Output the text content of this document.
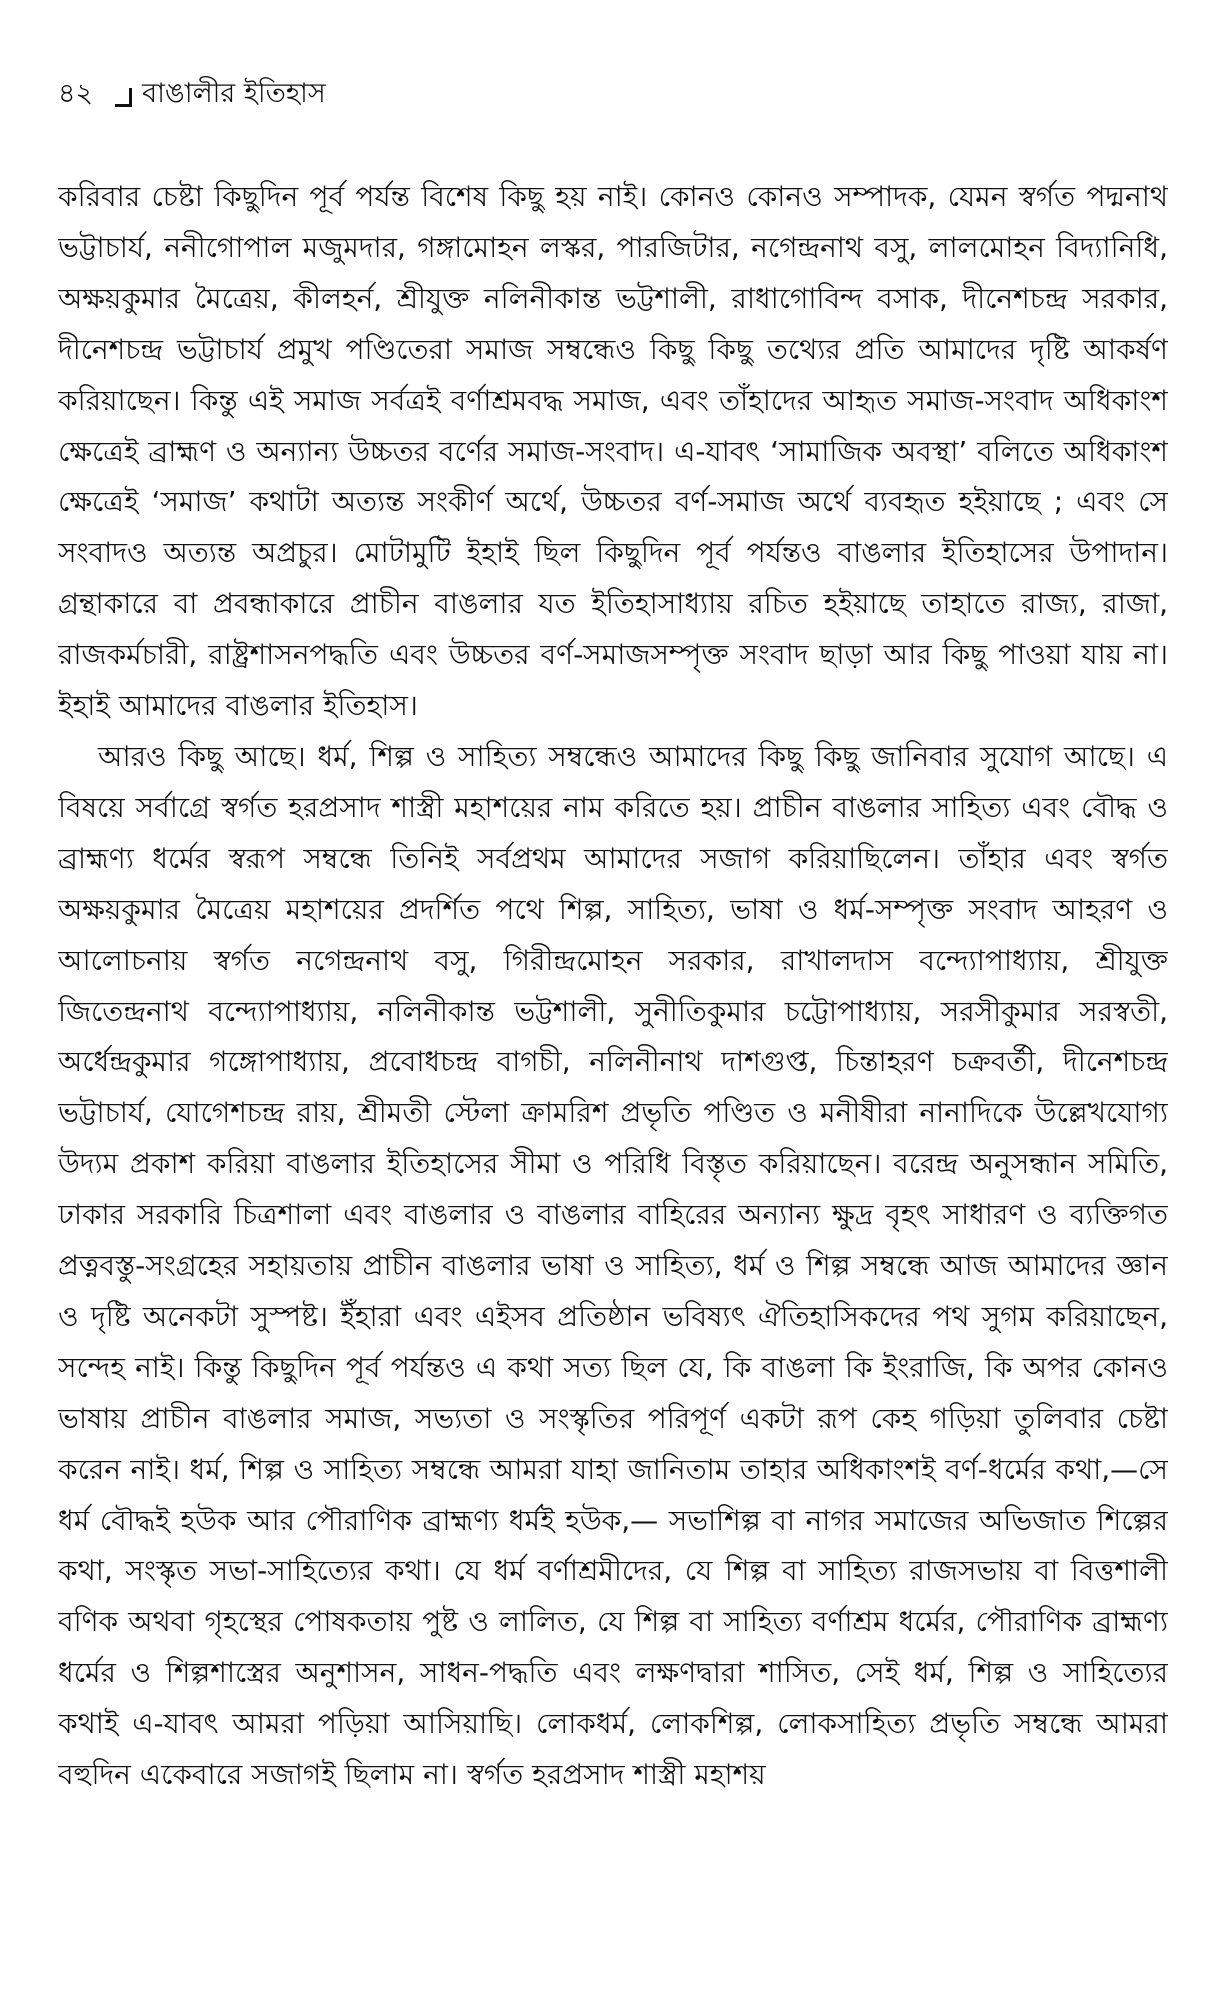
৪২ বাঙালীর ইতিহাস

করিবার চেষ্টা কিছুদিন পূর্ব পর্যন্ত বিশেষ কিছু হয় নাই। কোনও কোনও সম্পাদক, যেমন স্বর্গত পদ্মনাথ ভট্টাচার্য, ননীগোপাল মজুমদার, গঙ্গামোহন লস্কর, পারজিটার, নগেন্দ্রনাথ বসু, লালমোহন বিদ্যানিধি, অক্ষয়কুমার মৈত্রেয়, কীলহর্ন, শ্রীযুক্ত নলিনীকান্ত ভট্টশালী, রাধাগোবিন্দ বসাক, দীনেশচন্দ্র সরকার, দীনেশচন্দ্র ভট্টাচার্য প্রমুখ পণ্ডিতেরা সমাজ সম্বন্ধেও কিছু কিছু তথ্যের প্রতি আমাদের দৃষ্টি আকর্ষণ করিয়াছেন। কিন্তু এই সমাজ সর্বত্রই বর্ণাশ্রমবদ্ধ সমাজ, এবং তাঁহাদের আহৃত সমাজ-সংবাদ অধিকাংশ ক্ষেত্রেই ব্রাহ্মণ ও অন্যান্য উচ্চতর বর্ণের সমাজ-সংবাদ। এ-যাবৎ ‘সামাজিক অবস্থা’ বলিতে অধিকাংশ ক্ষেত্রেই ‘সমাজ’ কথাটা অত্যন্ত সংকীর্ণ অর্থে, উচ্চতর বর্ণ-সমাজ অর্থে ব্যবহৃত হইয়াছে ; এবং সে সংবাদও অত্যন্ত অপ্রচুর। মোটামুটি ইহাই ছিল কিছুদিন পূর্ব পর্যন্তও বাঙলার ইতিহাসের উপাদান। গ্রন্থাকারে বা প্রবন্ধাকারে প্রাচীন বাঙলার যত ইতিহাসাধ্যায় রচিত হইয়াছে তাহাতে রাজ্য, রাজা, রাজকর্মচারী, রাষ্ট্রশাসনপদ্ধতি এবং উচ্চতর বর্ণ-সমাজসম্পৃক্ত সংবাদ ছাড়া আর কিছু পাওয়া যায় না। ইহাই আমাদের বাঙলার ইতিহাস।

আরও কিছু আছে। ধর্ম, শিল্প ও সাহিত্য সম্বন্ধেও আমাদের কিছু কিছু জানিবার সুযোগ আছে। এ বিষয়ে সর্বাগ্রে স্বর্গত হরপ্রসাদ শাস্ত্রী মহাশয়ের নাম করিতে হয়। প্রাচীন বাঙলার সাহিত্য এবং বৌদ্ধ ও ব্রাহ্মণ্য ধর্মের স্বরূপ সম্বন্ধে তিনিই সর্বপ্রথম আমাদের সজাগ করিয়াছিলেন। তাঁহার এবং স্বর্গত অক্ষয়কুমার মৈত্রেয় মহাশয়ের প্রদর্শিত পথে শিল্প, সাহিত্য, ভাষা ও ধর্ম-সম্পৃক্ত সংবাদ আহরণ ও আলোচনায় স্বর্গত নগেন্দ্রনাথ বসু, গিরীন্দ্রমোহন সরকার, রাখালদাস বন্দ্যোপাধ্যায়, শ্রীযুক্ত জিতেন্দ্রনাথ বন্দ্যোপাধ্যায়, নলিনীকান্ত ভট্টশালী, সুনীতিকুমার চট্টোপাধ্যায়, সরসীকুমার সরস্বতী, অর্ধেন্দ্রকুমার গঙ্গোপাধ্যায়, প্রবোধচন্দ্র বাগচী, নলিনীনাথ দাশগুপ্ত, চিন্তাহরণ চক্রবর্তী, দীনেশচন্দ্র ভট্টাচার্য, যোগেশচন্দ্র রায়, শ্রীমতী স্টেলা ক্রামরিশ প্রভৃতি পণ্ডিত ও মনীষীরা নানাদিকে উল্লেখযোগ্য উদ্যম প্রকাশ করিয়া বাঙলার ইতিহাসের সীমা ও পরিধি বিস্তৃত করিয়াছেন। বরেন্দ্র অনুসন্ধান সমিতি, ঢাকার সরকারি চিত্রশালা এবং বাঙলার ও বাঙলার বাহিরের অন্যান্য ক্ষুদ্র বৃহৎ সাধারণ ও ব্যক্তিগত প্রত্নবস্তু-সংগ্রহের সহায়তায় প্রাচীন বাঙলার ভাষা ও সাহিত্য, ধর্ম ও শিল্প সম্বন্ধে আজ আমাদের জ্ঞান ও দৃষ্টি অনেকটা সুস্পষ্ট। ইঁহারা এবং এইসব প্রতিষ্ঠান ভবিষ্যৎ ঐতিহাসিকদের পথ সুগম করিয়াছেন, সন্দেহ নাই। কিন্তু কিছুদিন পূর্ব পর্যন্তও এ কথা সত্য ছিল যে, কি বাঙলা কি ইংরাজি, কি অপর কোনও ভাষায় প্রাচীন বাঙলার সমাজ, সভ্যতা ও সংস্কৃতির পরিপূর্ণ একটা রূপ কেহ গড়িয়া তুলিবার চেষ্টা করেন নাই। ধর্ম, শিল্প ও সাহিত্য সম্বন্ধে আমরা যাহা জানিতাম তাহার অধিকাংশই বর্ণ-ধর্মের কথা,—সে ধর্ম বৌদ্ধই হউক আর পৌরাণিক ব্রাহ্মণ্য ধর্মই হউক,— সভাশিল্প বা নাগর সমাজের অভিজাত শিল্পের কথা, সংস্কৃত সভা-সাহিত্যের কথা। যে ধর্ম বর্ণাশ্রমীদের, যে শিল্প বা সাহিত্য রাজসভায় বা বিত্তশালী বণিক অথবা গৃহস্থের পোষকতায় পুষ্ট ও লালিত, যে শিল্প বা সাহিত্য বর্ণাশ্রম ধর্মের, পৌরাণিক ব্রাহ্মণ্য ধর্মের ও শিল্পশাস্ত্রের অনুশাসন, সাধন-পদ্ধতি এবং লক্ষণদ্বারা শাসিত, সেই ধর্ম, শিল্প ও সাহিত্যের কথাই এ-যাবৎ আমরা পড়িয়া আসিয়াছি। লোকধর্ম, লোকশিল্প, লোকসাহিত্য প্রভৃতি সম্বন্ধে আমরা বহুদিন একেবারে সজাগই ছিলাম না। স্বর্গত হরপ্রসাদ শাস্ত্রী মহাশয়
